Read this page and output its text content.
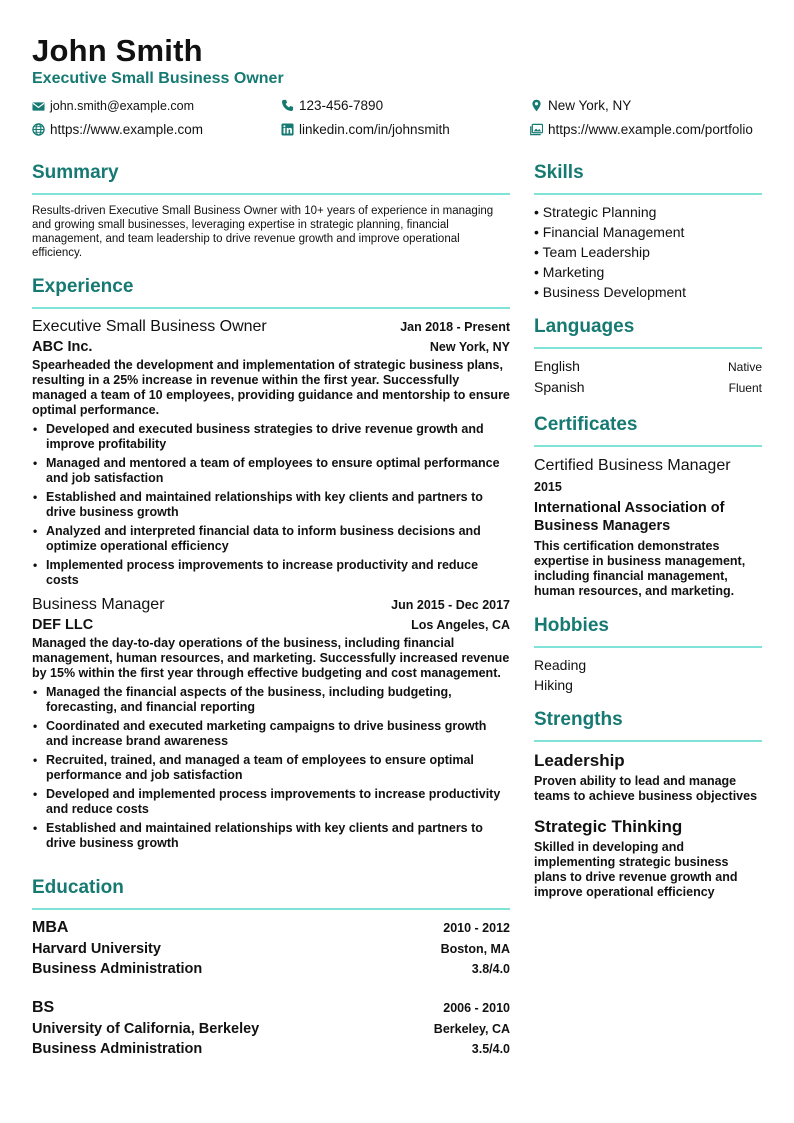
John Smith
Executive Small Business Owner
john.smith@example.com	123-456-7890	New York, NY
https://www.example.com	linkedin.com/in/johnsmith	https://www.example.com/portfolio
Summary
Results-driven Executive Small Business Owner with 10+ years of experience in managing and growing small businesses, leveraging expertise in strategic planning, financial management, and team leadership to drive revenue growth and improve operational efficiency.
Experience
Executive Small Business Owner	Jan 2018 - Present
ABC Inc.	New York, NY
Spearheaded the development and implementation of strategic business plans, resulting in a 25% increase in revenue within the first year. Successfully managed a team of 10 employees, providing guidance and mentorship to ensure optimal performance.
• Developed and executed business strategies to drive revenue growth and improve profitability
• Managed and mentored a team of employees to ensure optimal performance and job satisfaction
• Established and maintained relationships with key clients and partners to drive business growth
• Analyzed and interpreted financial data to inform business decisions and optimize operational efficiency
• Implemented process improvements to increase productivity and reduce costs
Business Manager	Jun 2015 - Dec 2017
DEF LLC	Los Angeles, CA
Managed the day-to-day operations of the business, including financial management, human resources, and marketing. Successfully increased revenue by 15% within the first year through effective budgeting and cost management.
• Managed the financial aspects of the business, including budgeting, forecasting, and financial reporting
• Coordinated and executed marketing campaigns to drive business growth and increase brand awareness
• Recruited, trained, and managed a team of employees to ensure optimal performance and job satisfaction
• Developed and implemented process improvements to increase productivity and reduce costs
• Established and maintained relationships with key clients and partners to drive business growth
Education
MBA	2010 - 2012
Harvard University	Boston, MA
Business Administration	3.8/4.0
BS	2006 - 2010
University of California, Berkeley	Berkeley, CA
Business Administration	3.5/4.0
Skills
• Strategic Planning
• Financial Management
• Team Leadership
• Marketing
• Business Development
Languages
English	Native
Spanish	Fluent
Certificates
Certified Business Manager
2015
International Association of Business Managers
This certification demonstrates expertise in business management, including financial management, human resources, and marketing.
Hobbies
Reading
Hiking
Strengths
Leadership
Proven ability to lead and manage teams to achieve business objectives
Strategic Thinking
Skilled in developing and implementing strategic business plans to drive revenue growth and improve operational efficiency
